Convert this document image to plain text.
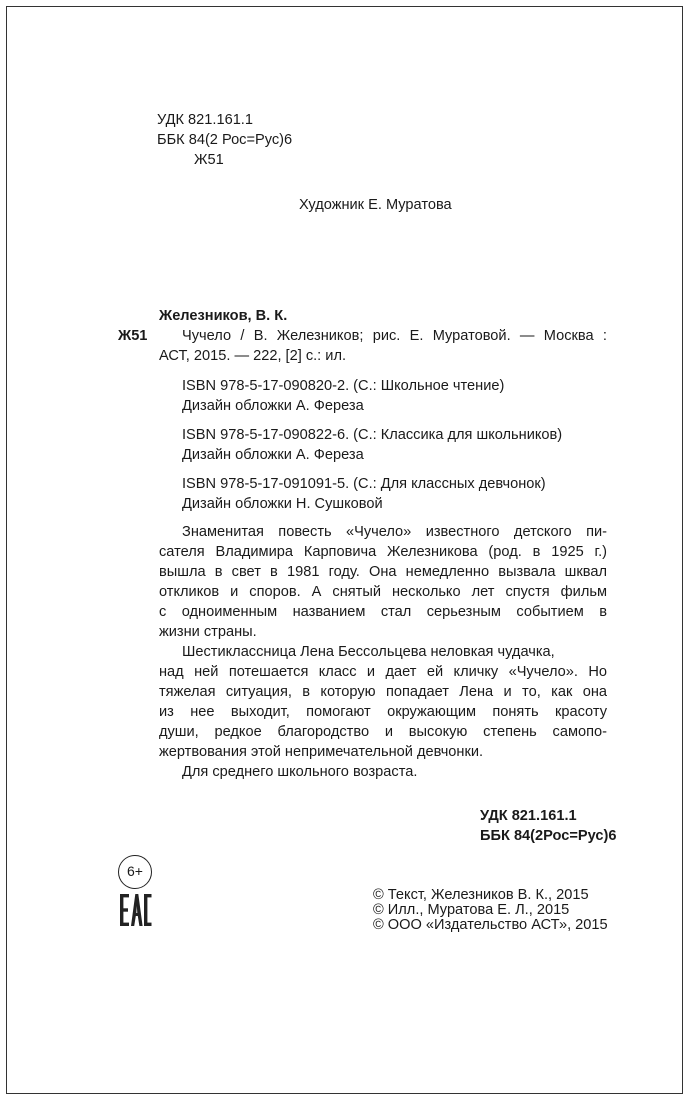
УДК 821.161.1
ББК 84(2 Рос=Рус)6
Ж51
Художник Е. Муратова
Железников, В. К.
Ж51 Чучело / В. Железников; рис. Е. Муратовой. — Москва :
АСТ, 2015. — 222, [2] с.: ил.
ISBN 978-5-17-090820-2. (С.: Школьное чтение)
Дизайн обложки А. Фереза
ISBN 978-5-17-090822-6. (С.: Классика для школьников)
Дизайн обложки А. Фереза
ISBN 978-5-17-091091-5. (С.: Для классных девчонок)
Дизайн обложки Н. Сушковой
Знаменитая повесть «Чучело» известного детского пи-
сателя Владимира Карповича Железникова (род. в 1925 г.)
вышла в свет в 1981 году. Она немедленно вызвала шквал
откликов и споров. А снятый несколько лет спустя фильм
с одноименным названием стал серьезным событием в
жизни страны.
Шестиклассница Лена Бессольцева неловкая чудачка,
над ней потешается класс и дает ей кличку «Чучело». Но
тяжелая ситуация, в которую попадает Лена и то, как она
из нее выходит, помогают окружающим понять красоту
души, редкое благородство и высокую степень самопо-
жертвования этой непримечательной девчонки.
Для среднего школьного возраста.
УДК 821.161.1
ББК 84(2Рос=Рус)6
6+
© Текст, Железников В. К., 2015
© Илл., Муратова Е. Л., 2015
© ООО «Издательство АСТ», 2015
